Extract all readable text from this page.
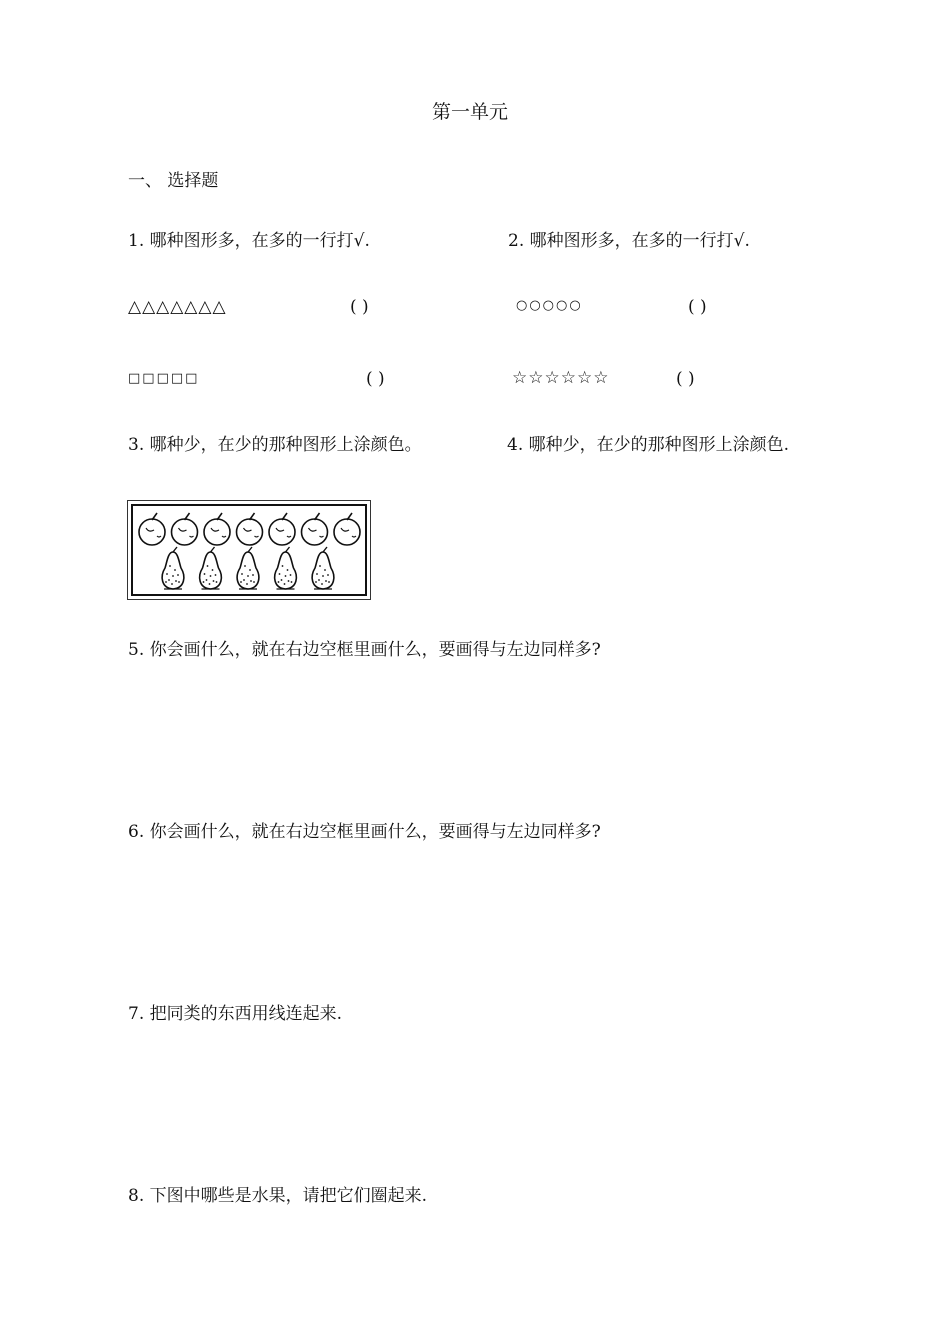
第一单元
一、 选择题
1. 哪种图形多，在多的一行打√.	2. 哪种图形多，在多的一行打√.
△△△△△△△	( )	○○○○○	( )
□□□□□	( )	☆☆☆☆☆☆	( )
3. 哪种少，在少的那种图形上涂颜色。	4. 哪种少，在少的那种图形上涂颜色.
5. 你会画什么，就在右边空框里画什么，要画得与左边同样多?
6. 你会画什么，就在右边空框里画什么，要画得与左边同样多?
7. 把同类的东西用线连起来.
8. 下图中哪些是水果，请把它们圈起来.
